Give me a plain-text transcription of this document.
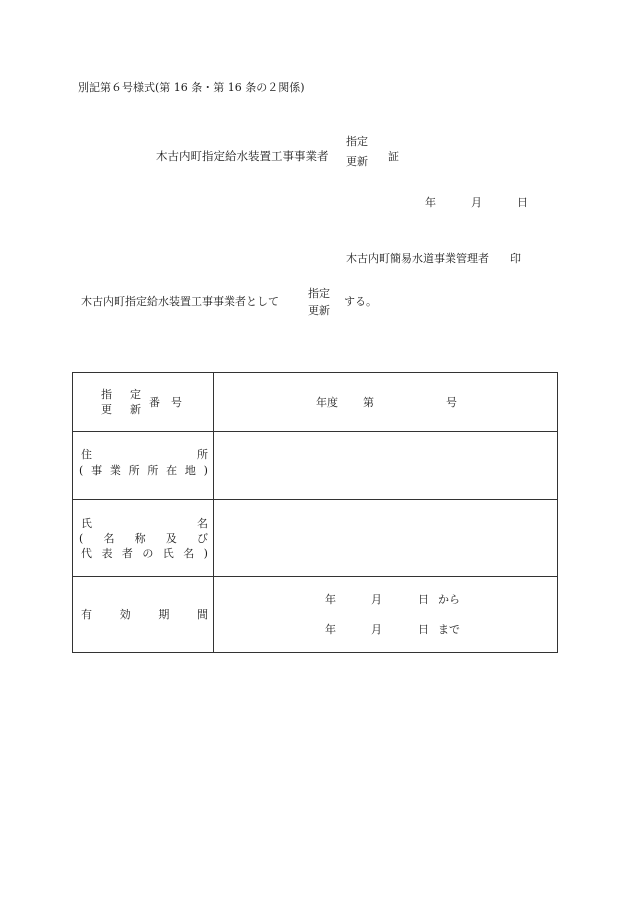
別記第６号様式(第 16 条・第 16 条の２関係)
木古内町指定給水装置工事事業者
指定
更新 証
年	月	日
木古内町簡易水道事業管理者 印
木古内町指定給水装置工事事業者として
指定
更新
する。
指 定
更 新
番　号	年度 第	号
住	所
( 事 業 所 所 在 地 )
氏	名
( 名 称 及 び
代 表 者 の 氏 名 )
有	効	期	間
年	月	日 から
年	月	日 まで
